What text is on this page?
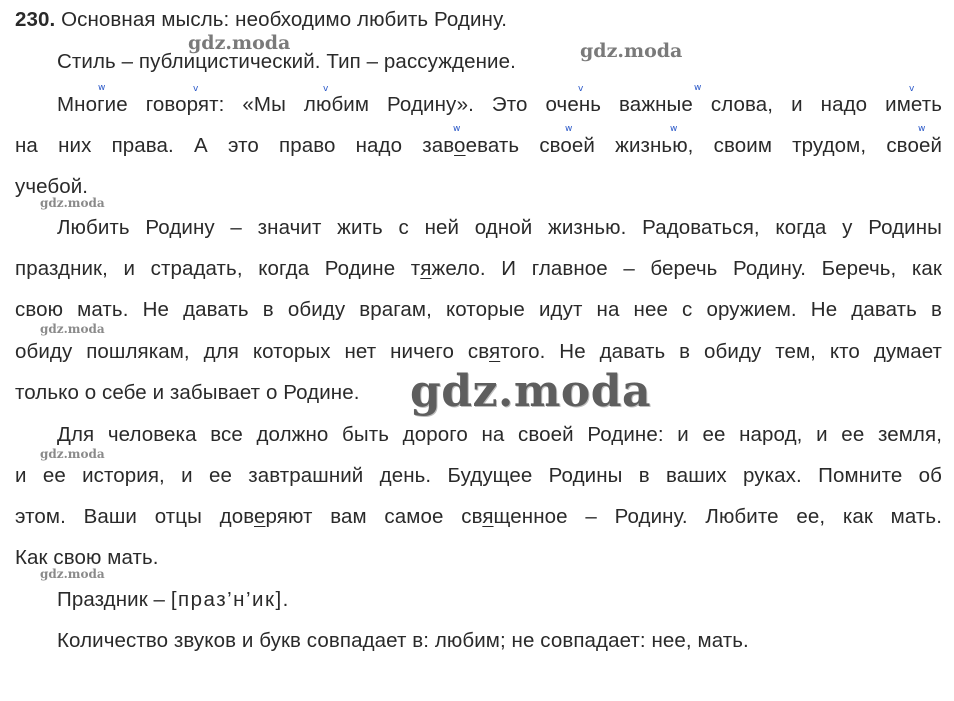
230. Основная мысль: необходимо любить Родину.
Стиль – публицистический. Тип – рассуждение.
Многие говорят: «Мы любим Родину». Это очень важные слова, и надо иметь
на них права. А это право надо завоевать своей жизнью, своим трудом, своей
учебой.
Любить Родину – значит жить с ней одной жизнью. Радоваться, когда у Родины
праздник, и страдать, когда Родине тяжело. И главное – беречь Родину. Беречь, как
свою мать. Не давать в обиду врагам, которые идут на нее с оружием. Не давать в
обиду пошлякам, для которых нет ничего святого. Не давать в обиду тем, кто думает
только о себе и забывает о Родине.
Для человека все должно быть дорого на своей Родине: и ее народ, и ее земля,
и ее история, и ее завтрашний день. Будущее Родины в ваших руках. Помните об
этом. Ваши отцы доверяют вам самое священное – Родину. Любите ее, как мать.
Как свою мать.
Праздник – [праз’н’ик].
Количество звуков и букв совпадает в: любим; не совпадает: нее, мать.
w	v	v	v	w	v
w	w	w	w
gdz.moda	gdz.moda
gdz.moda
gdz.moda
gdz.moda
gdz.moda
gdz.moda
